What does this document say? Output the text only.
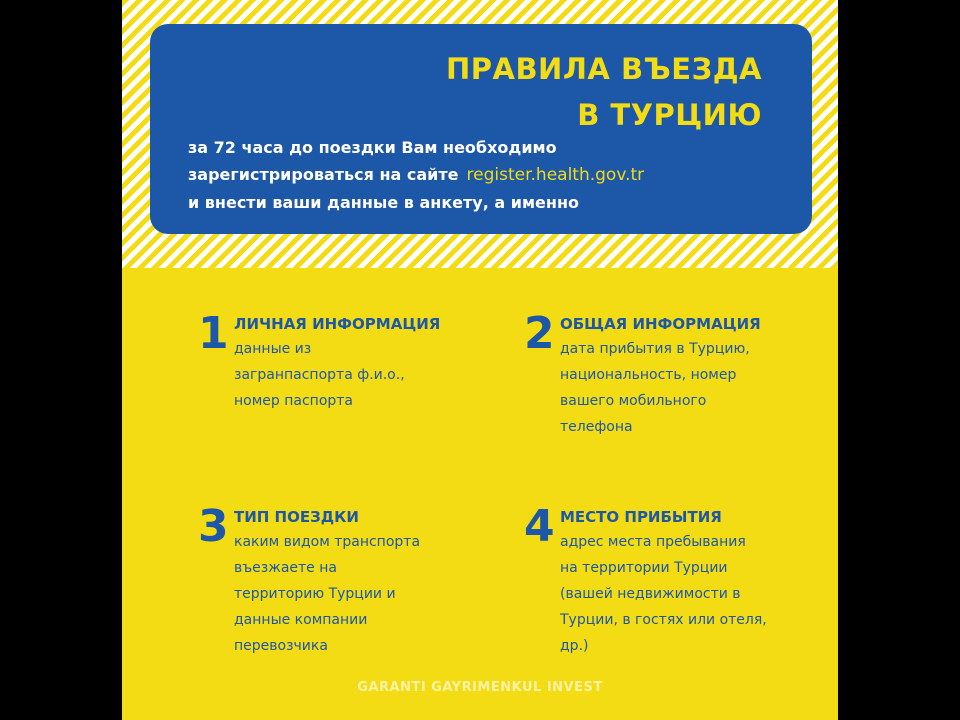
ПРАВИЛА ВЪЕЗДА
В ТУРЦИЮ
за 72 часа до поездки Вам необходимо
зарегистрироваться на сайте register.health.gov.tr
и внести ваши данные в анкету, а именно
1 ЛИЧНАЯ ИНФОРМАЦИЯ
данные из
загранпаспорта ф.и.о.,
номер паспорта
2 ОБЩАЯ ИНФОРМАЦИЯ
дата прибытия в Турцию,
национальность, номер
вашего мобильного
телефона
3 ТИП ПОЕЗДКИ
каким видом транспорта
въезжаете на
территорию Турции и
данные компании
перевозчика
4 МЕСТО ПРИБЫТИЯ
адрес места пребывания
на территории Турции
(вашей недвижимости в
Турции, в гостях или отеля,
др.)
GARANTI GAYRIMENKUL INVEST
